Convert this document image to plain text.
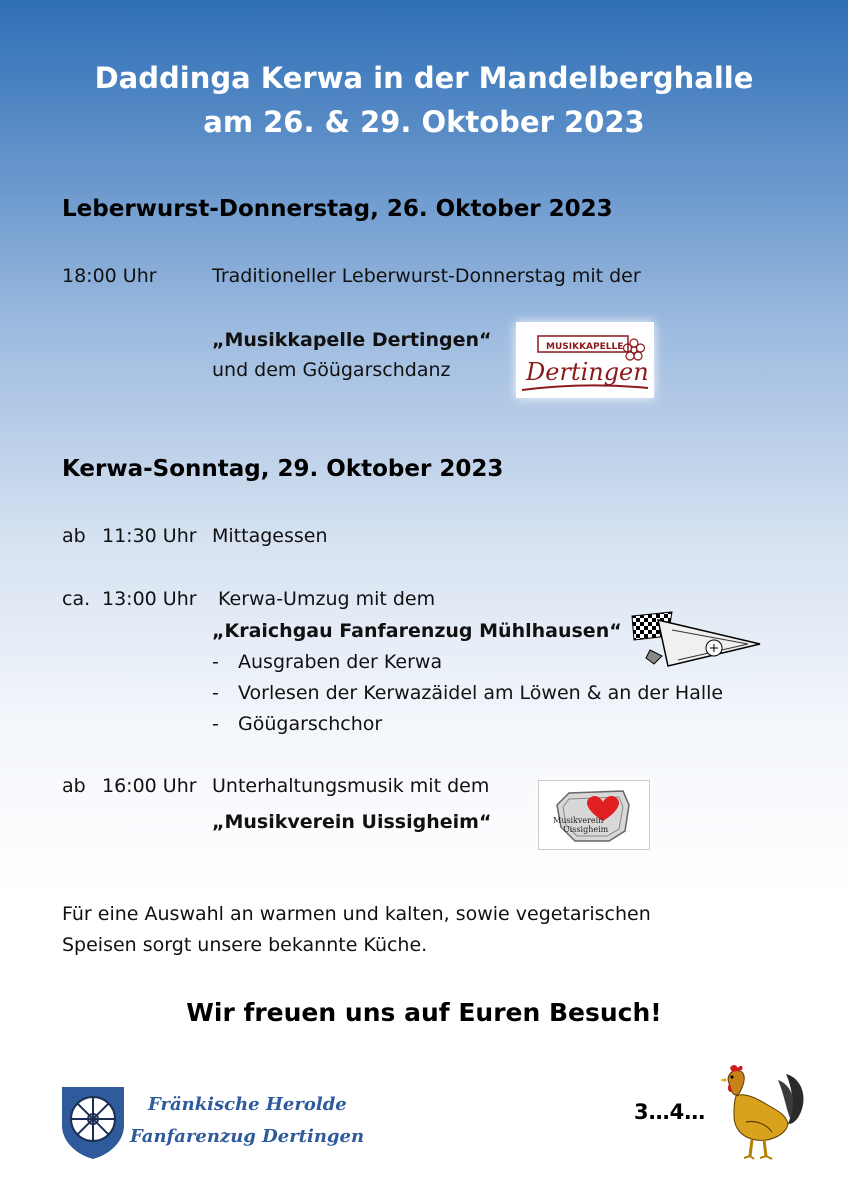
Daddinga Kerwa in der Mandelberghalle
am 26. & 29. Oktober 2023
Leberwurst-Donnerstag, 26. Oktober 2023
18:00 Uhr	Traditioneller Leberwurst-Donnerstag mit der
„Musikkapelle Dertingen“
und dem Göügarschdanz
MUSIKKAPELLE
Dertingen
Kerwa-Sonntag, 29. Oktober 2023
ab 11:30 Uhr Mittagessen
ca. 13:00 Uhr Kerwa-Umzug mit dem
„Kraichgau Fanfarenzug Mühlhausen“
- Ausgraben der Kerwa
- Vorlesen der Kerwazäidel am Löwen & an der Halle
- Göügarschchor
ab 16:00 Uhr Unterhaltungsmusik mit dem
„Musikverein Uissigheim“	Musikverein
Uissigheim
Für eine Auswahl an warmen und kalten, sowie vegetarischen
Speisen sorgt unsere bekannte Küche.
Wir freuen uns auf Euren Besuch!
Fränkische Herolde
Fanfarenzug Dertingen
3…4…
